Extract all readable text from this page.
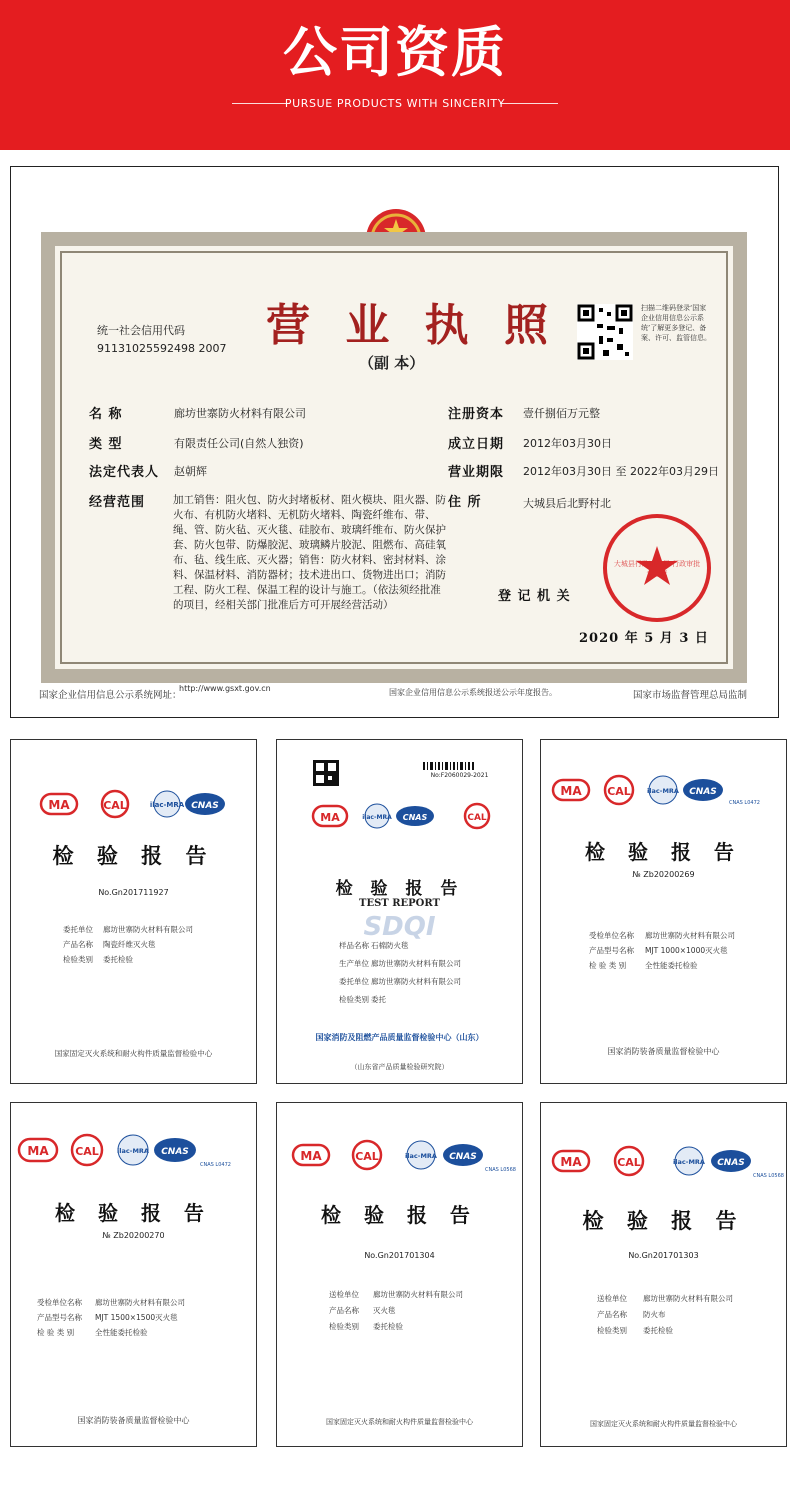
公司资质
PURSUE PRODUCTS WITH SINCERITY
统一社会信用代码
91131025592498 2007 营 业 执 照
（副 本）
扫描二维码登录‘国家企业信用信息公示系统’了解更多登记、备案、许可、监管信息。
名 称	廊坊世寨防火材料有限公司
类 型	有限责任公司(自然人独资)
法定代表人 赵朝辉
经营范围	加工销售：阻火包、防火封堵板材、阻火模块、阻火器、防火布、有机防火堵料、无机防火堵料、陶瓷纤维布、带、绳、管、防火毡、灭火毯、硅胶布、玻璃纤维布、防火保护套、防火包带、防爆胶泥、玻璃鳞片胶泥、阻燃布、高硅氧布、毡、线生底、灭火器；销售：防火材料、密封材料、涂料、保温材料、消防器材；技术进出口、货物进出口；消防工程、防火工程、保温工程的设计与施工。（依法须经批准的项目，经相关部门批准后方可开展经营活动）
注册资本 壹仟捌佰万元整
成立日期 2012年03月30日
营业期限 2012年03月30日 至 2022年03月29日
住 所	大城县后北野村北
大城县行政审批局 行政审批专用章
登 记 机 关
2020 年 5 月 3 日
国家企业信用信息公示系统网址：
http://www.gsxt.gov.cn	国家企业信用信息公示系统报送公示年度报告。	国家市场监督管理总局监制
MA	CAL	ilac-MRA CNAS
检 验 报 告
No.Gn201711927
委托单位 廊坊世寨防火材料有限公司
产品名称 陶瓷纤维灭火毯
检验类别 委托检验
国家固定灭火系统和耐火构件质量监督检验中心
No:F2060029-2021
MA	ilac-MRA CNAS	CAL
检 验 报 告
TEST REPORT
SDQI
样品名称 石棉防火毯
生产单位 廊坊世寨防火材料有限公司
委托单位 廊坊世寨防火材料有限公司
检验类别 委托
国家消防及阻燃产品质量监督检验中心（山东）
（山东省产品质量检验研究院）
MA CAL ilac-MRA CNAS
CNAS L0472
检 验 报 告
№ Zb20200269
受检单位名称 廊坊世寨防火材料有限公司
产品型号名称 MJT 1000×1000灭火毯
检 验 类 别	全性能委托检验
国家消防装备质量监督检验中心
MA CAL	ilac-MRA CNAS
CNAS L0472
检 验 报 告
№ Zb20200270
受检单位名称 廊坊世寨防火材料有限公司
产品型号名称 MJT 1500×1500灭火毯
检 验 类 别	全性能委托检验
国家消防装备质量监督检验中心
MA	CAL	ilac-MRA CNAS
CNAS L0568
检 验 报 告
No.Gn201701304
送检单位 廊坊世寨防火材料有限公司
产品名称 灭火毯
检验类别 委托检验
国家固定灭火系统和耐火构件质量监督检验中心
MA	CAL	ilac-MRA CNAS
CNAS L0568
检 验 报 告
No.Gn201701303
送检单位 廊坊世寨防火材料有限公司
产品名称 防火布
检验类别 委托检验
国家固定灭火系统和耐火构件质量监督检验中心
